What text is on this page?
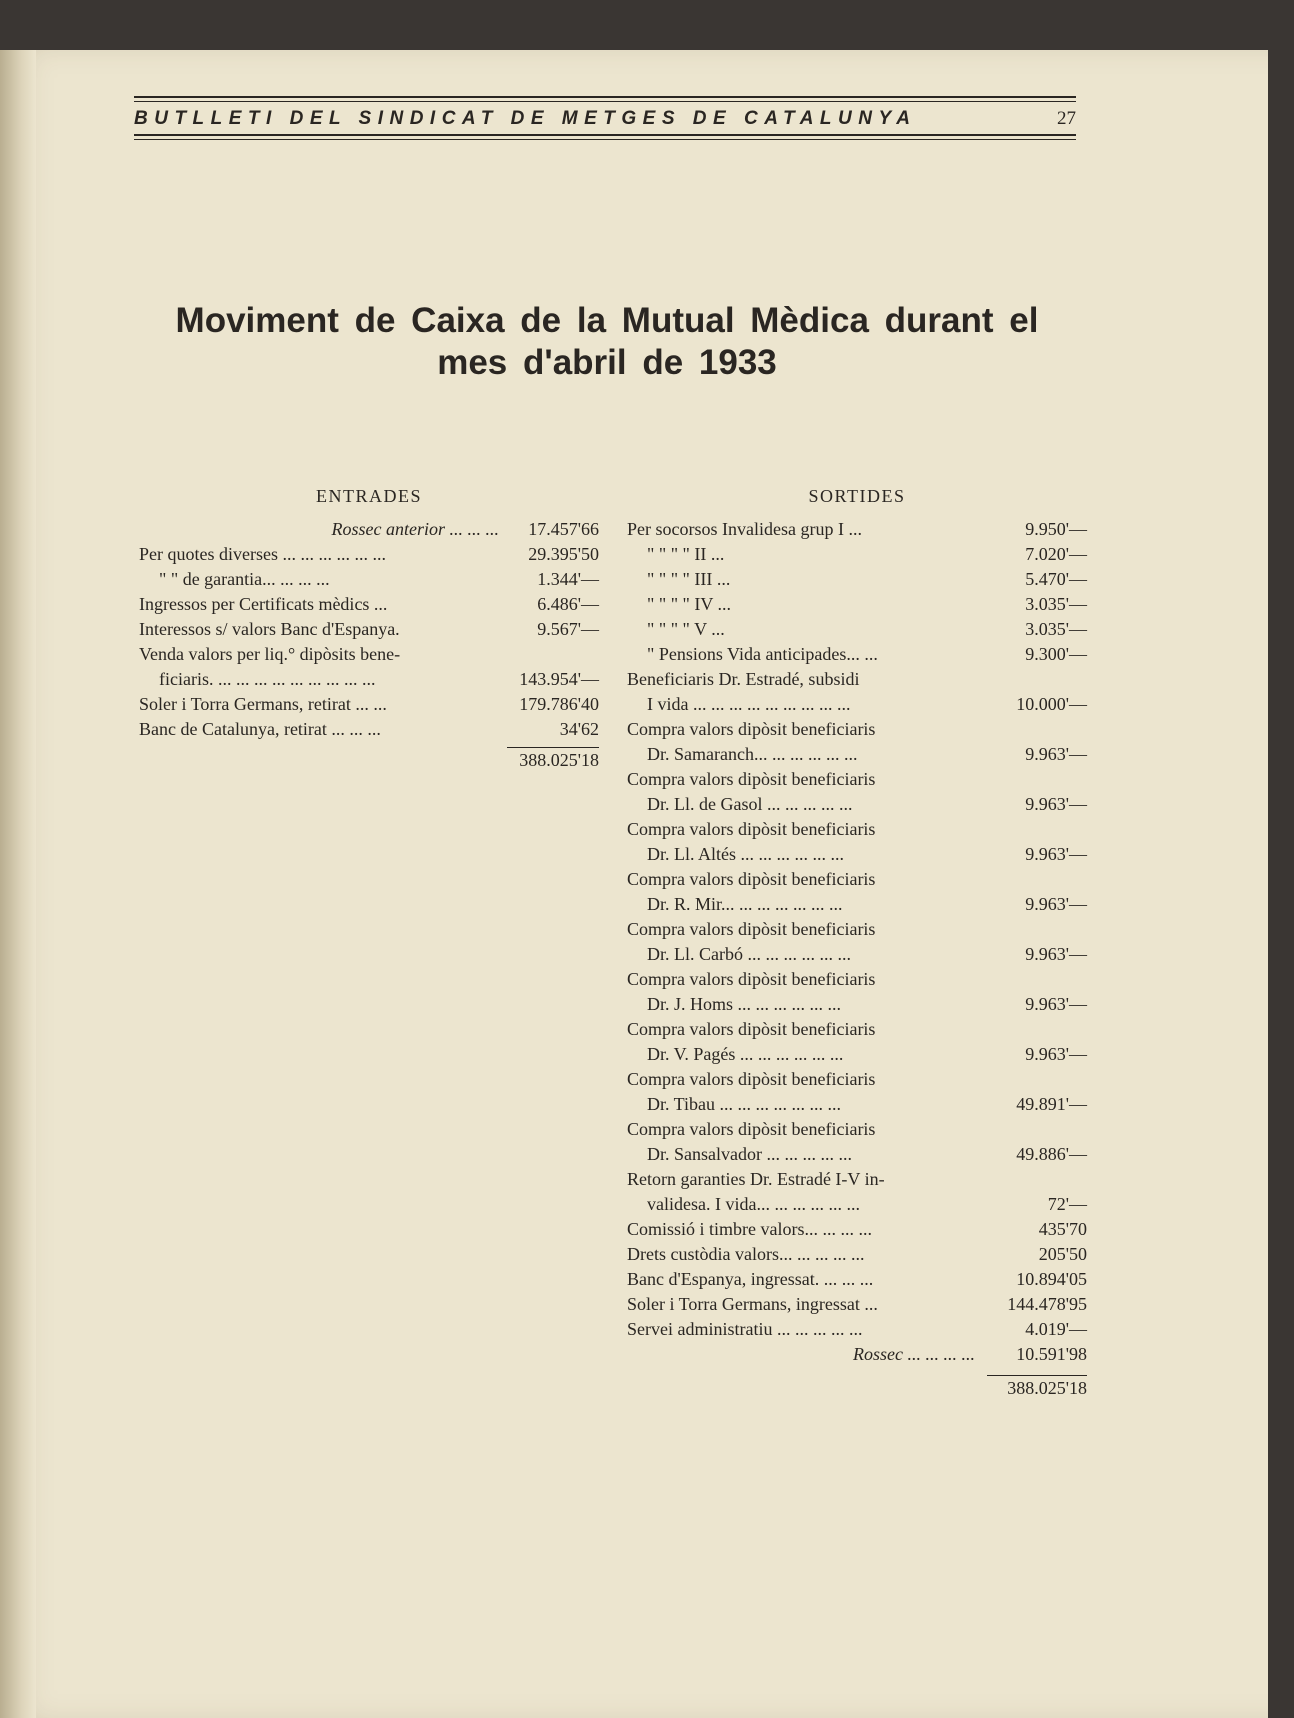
BUTLLETI DEL SINDICAT DE METGES DE CATALUNYA	27
Moviment de Caixa de la Mutual Mèdica durant el
mes d'abril de 1933
ENTRADES
Rossec anterior ... ... ...	17.457'66
Per quotes diverses ... ... ... ... ... ...	29.395'50
" " de garantia... ... ... ...	1.344'—
Ingressos per Certificats mèdics ...	6.486'—
Interessos s/ valors Banc d'Espanya.	9.567'—
Venda valors per liq.° dipòsits bene-
ficiaris. ... ... ... ... ... ... ... ... ...	143.954'—
Soler i Torra Germans, retirat ... ...	179.786'40
Banc de Catalunya, retirat ... ... ...	34'62
388.025'18
SORTIDES
Per socorsos Invalidesa grup I ...	9.950'—
" " " " II ...	7.020'—
" " " " III ...	5.470'—
" " " " IV ...	3.035'—
" " " " V ...	3.035'—
" Pensions Vida anticipades... ...	9.300'—
Beneficiaris Dr. Estradé, subsidi
I vida ... ... ... ... ... ... ... ... ...	10.000'—
Compra valors dipòsit beneficiaris
Dr. Samaranch... ... ... ... ... ...	9.963'—
Compra valors dipòsit beneficiaris
Dr. Ll. de Gasol ... ... ... ... ...	9.963'—
Compra valors dipòsit beneficiaris
Dr. Ll. Altés ... ... ... ... ... ...	9.963'—
Compra valors dipòsit beneficiaris
Dr. R. Mir... ... ... ... ... ... ...	9.963'—
Compra valors dipòsit beneficiaris
Dr. Ll. Carbó ... ... ... ... ... ...	9.963'—
Compra valors dipòsit beneficiaris
Dr. J. Homs ... ... ... ... ... ...	9.963'—
Compra valors dipòsit beneficiaris
Dr. V. Pagés ... ... ... ... ... ...	9.963'—
Compra valors dipòsit beneficiaris
Dr. Tibau ... ... ... ... ... ... ...	49.891'—
Compra valors dipòsit beneficiaris
Dr. Sansalvador ... ... ... ... ...	49.886'—
Retorn garanties Dr. Estradé I-V in-
validesa. I vida... ... ... ... ... ...	72'—
Comissió i timbre valors... ... ... ...	435'70
Drets custòdia valors... ... ... ... ...	205'50
Banc d'Espanya, ingressat. ... ... ...	10.894'05
Soler i Torra Germans, ingressat ...	144.478'95
Servei administratiu ... ... ... ... ...	4.019'—
Rossec ... ... ... ...	10.591'98
388.025'18
